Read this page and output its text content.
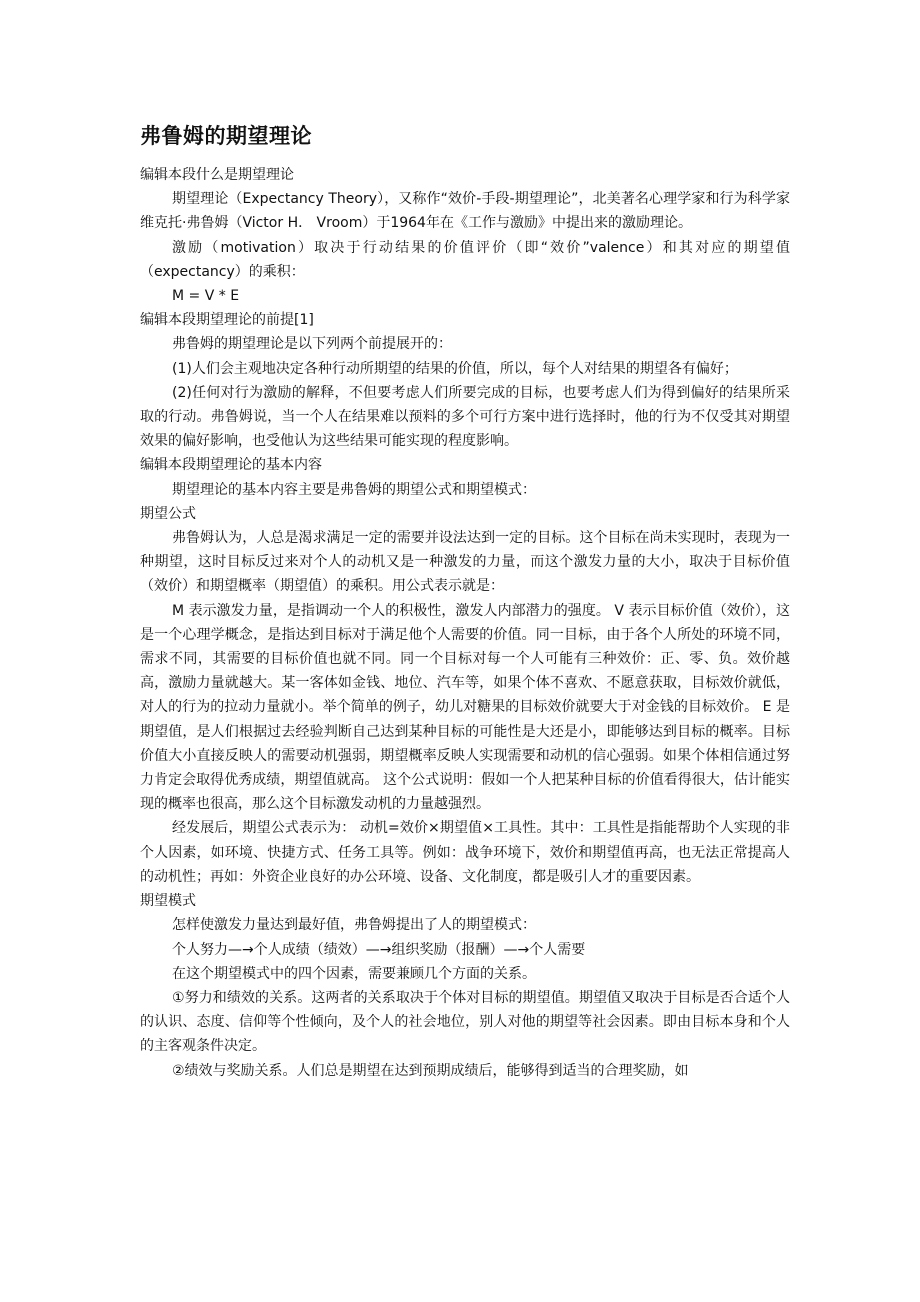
弗鲁姆的期望理论
编辑本段什么是期望理论

期望理论（Expectancy Theory），又称作“效价-手段-期望理论”，北美著名心理学家和行为科学家维克托·弗鲁姆（Victor H． Vroom）于1964年在《工作与激励》中提出来的激励理论。

激励（motivation）取决于行动结果的价值评价（即“效价”valence）和其对应的期望值（expectancy）的乘积：

M = V * E

编辑本段期望理论的前提[1]

弗鲁姆的期望理论是以下列两个前提展开的：

(1)人们会主观地决定各种行动所期望的结果的价值，所以，每个人对结果的期望各有偏好；

(2)任何对行为激励的解释，不但要考虑人们所要完成的目标，也要考虑人们为得到偏好的结果所采取的行动。弗鲁姆说，当一个人在结果难以预料的多个可行方案中进行选择时，他的行为不仅受其对期望效果的偏好影响，也受他认为这些结果可能实现的程度影响。

编辑本段期望理论的基本内容

期望理论的基本内容主要是弗鲁姆的期望公式和期望模式：

期望公式

弗鲁姆认为，人总是渴求满足一定的需要并设法达到一定的目标。这个目标在尚未实现时，表现为一种期望，这时目标反过来对个人的动机又是一种激发的力量，而这个激发力量的大小，取决于目标价值（效价）和期望概率（期望值）的乘积。用公式表示就是：

M 表示激发力量，是指调动一个人的积极性，激发人内部潜力的强度。 V 表示目标价值（效价），这是一个心理学概念，是指达到目标对于满足他个人需要的价值。同一目标，由于各个人所处的环境不同，需求不同，其需要的目标价值也就不同。同一个目标对每一个人可能有三种效价：正、零、负。效价越高，激励力量就越大。某一客体如金钱、地位、汽车等，如果个体不喜欢、不愿意获取，目标效价就低，对人的行为的拉动力量就小。举个简单的例子，幼儿对糖果的目标效价就要大于对金钱的目标效价。 E 是期望值，是人们根据过去经验判断自己达到某种目标的可能性是大还是小，即能够达到目标的概率。目标价值大小直接反映人的需要动机强弱，期望概率反映人实现需要和动机的信心强弱。如果个体相信通过努力肯定会取得优秀成绩，期望值就高。 这个公式说明：假如一个人把某种目标的价值看得很大，估计能实现的概率也很高，那么这个目标激发动机的力量越强烈。

经发展后，期望公式表示为： 动机=效价×期望值×工具性。其中：工具性是指能帮助个人实现的非个人因素，如环境、快捷方式、任务工具等。例如：战争环境下，效价和期望值再高，也无法正常提高人的动机性；再如：外资企业良好的办公环境、设备、文化制度，都是吸引人才的重要因素。

期望模式

怎样使激发力量达到最好值，弗鲁姆提出了人的期望模式：

个人努力—→个人成绩（绩效）—→组织奖励（报酬）—→个人需要

在这个期望模式中的四个因素，需要兼顾几个方面的关系。

①努力和绩效的关系。这两者的关系取决于个体对目标的期望值。期望值又取决于目标是否合适个人的认识、态度、信仰等个性倾向，及个人的社会地位，别人对他的期望等社会因素。即由目标本身和个人的主客观条件决定。

②绩效与奖励关系。人们总是期望在达到预期成绩后，能够得到适当的合理奖励，如
